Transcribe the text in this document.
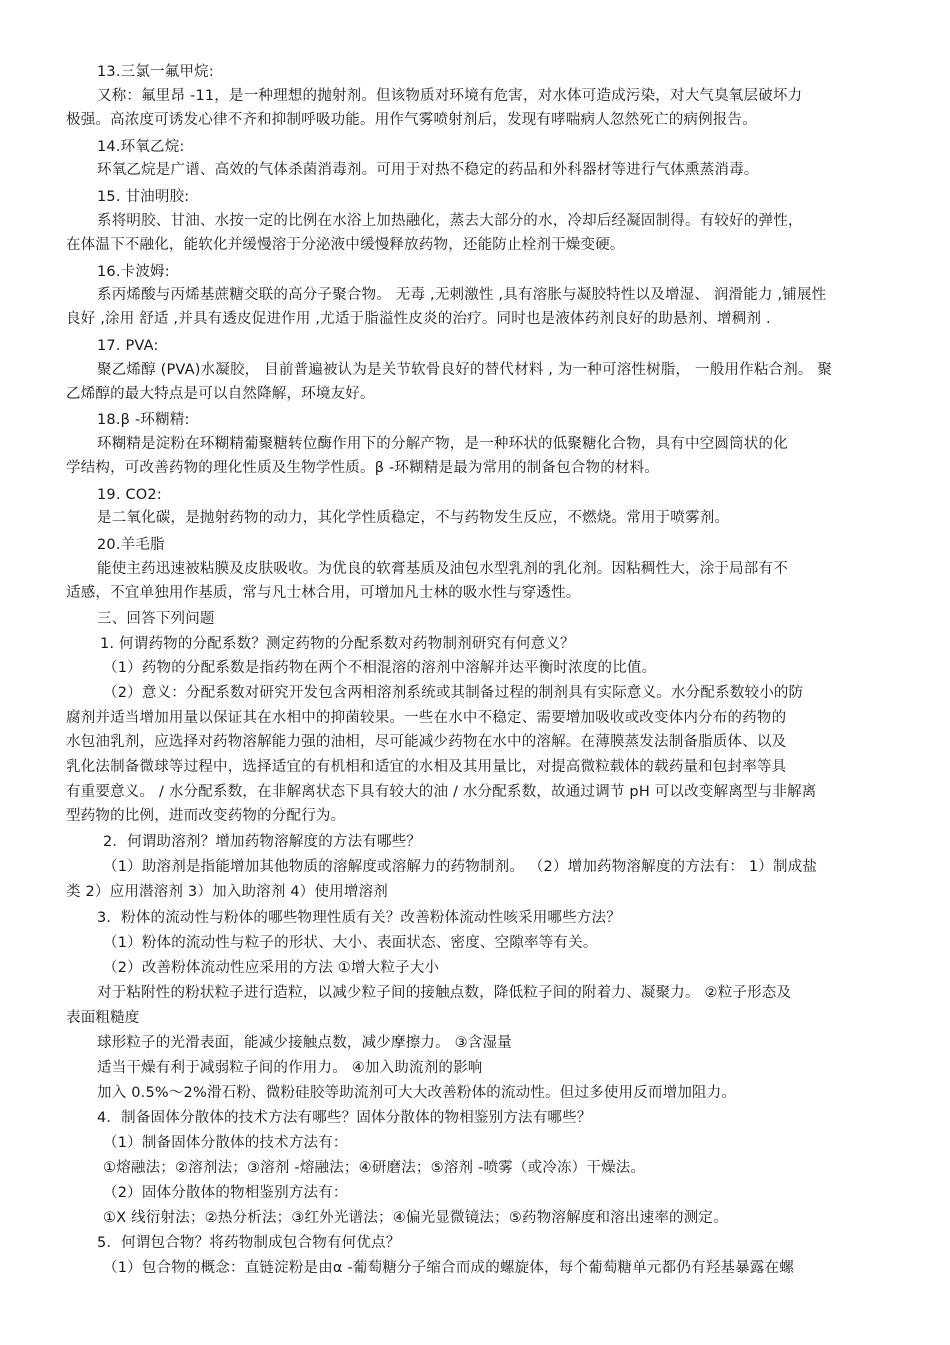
13.三氯一氟甲烷:
又称：氟里昂 -11，是一种理想的抛射剂。但该物质对环境有危害，对水体可造成污染，对大气臭氧层破坏力
极强。高浓度可诱发心律不齐和抑制呼吸功能。用作气雾喷射剂后，发现有哮喘病人忽然死亡的病例报告。
14.环氧乙烷:
环氧乙烷是广谱、高效的气体杀菌消毒剂。可用于对热不稳定的药品和外科器材等进行气体熏蒸消毒。
15. 甘油明胶:
系将明胶、甘油、水按一定的比例在水浴上加热融化，蒸去大部分的水，冷却后经凝固制得。有较好的弹性，
在体温下不融化，能软化并缓慢溶于分泌液中缓慢释放药物，还能防止栓剂干燥变硬。
16.卡波姆:
系丙烯酸与丙烯基蔗糖交联的高分子聚合物。 无毒 ,无刺激性 ,具有溶胀与凝胶特性以及增湿、 润滑能力 ,铺展性
良好 ,涂用 舒适 ,并具有透皮促进作用 ,尤适于脂溢性皮炎的治疗。同时也是液体药剂良好的助悬剂、增稠剂 .
17. PVA:
聚乙烯醇 (PVA)水凝胶， 目前普遍被认为是关节软骨良好的替代材料 , 为一种可溶性树脂， 一般用作粘合剂。 聚
乙烯醇的最大特点是可以自然降解，环境友好。
18.β -环糊精:
环糊精是淀粉在环糊精葡聚糖转位酶作用下的分解产物，是一种环状的低聚糖化合物，具有中空圆筒状的化
学结构，可改善药物的理化性质及生物学性质。β -环糊精是最为常用的制备包合物的材料。
19. CO2:
是二氧化碳，是抛射药物的动力，其化学性质稳定，不与药物发生反应，不燃烧。常用于喷雾剂。
20.羊毛脂
能使主药迅速被粘膜及皮肤吸收。为优良的软膏基质及油包水型乳剂的乳化剂。因粘稠性大，涂于局部有不
适感，不宜单独用作基质，常与凡士林合用，可增加凡士林的吸水性与穿透性。
三、回答下列问题
1. 何谓药物的分配系数？测定药物的分配系数对药物制剂研究有何意义？
（1）药物的分配系数是指药物在两个不相混溶的溶剂中溶解并达平衡时浓度的比值。
（2）意义：分配系数对研究开发包含两相溶剂系统或其制备过程的制剂具有实际意义。水分配系数较小的防
腐剂并适当增加用量以保证其在水相中的抑菌较果。一些在水中不稳定、需要增加吸收或改变体内分布的药物的
水包油乳剂，应选择对药物溶解能力强的油相，尽可能减少药物在水中的溶解。在薄膜蒸发法制备脂质体、以及
乳化法制备微球等过程中，选择适宜的有机相和适宜的水相及其用量比，对提高微粒载体的载药量和包封率等具
有重要意义。 / 水分配系数，在非解离状态下具有较大的油 / 水分配系数，故通过调节 pH 可以改变解离型与非解离
型药物的比例，进而改变药物的分配行为。
2．何谓助溶剂？增加药物溶解度的方法有哪些？
（1）助溶剂是指能增加其他物质的溶解度或溶解力的药物制剂。 （2）增加药物溶解度的方法有： 1）制成盐
类 2）应用潜溶剂 3）加入助溶剂 4）使用增溶剂
3．粉体的流动性与粉体的哪些物理性质有关？改善粉体流动性咳采用哪些方法？
（1）粉体的流动性与粒子的形状、大小、表面状态、密度、空隙率等有关。
（2）改善粉体流动性应采用的方法 ①增大粒子大小
对于粘附性的粉状粒子进行造粒，以减少粒子间的接触点数，降低粒子间的附着力、凝聚力。 ②粒子形态及
表面粗糙度
球形粒子的光滑表面，能减少接触点数，减少摩擦力。 ③含湿量
适当干燥有利于减弱粒子间的作用力。 ④加入助流剂的影响
加入 0.5%～2%滑石粉、微粉硅胶等助流剂可大大改善粉体的流动性。但过多使用反而增加阻力。
4．制备固体分散体的技术方法有哪些？固体分散体的物相鉴别方法有哪些？
（1）制备固体分散体的技术方法有：
①熔融法；②溶剂法；③溶剂 -熔融法；④研磨法；⑤溶剂 -喷雾（或冷冻）干燥法。
（2）固体分散体的物相鉴别方法有：
①X 线衍射法；②热分析法；③红外光谱法；④偏光显微镜法；⑤药物溶解度和溶出速率的测定。
5．何谓包合物？将药物制成包合物有何优点？
（1）包合物的概念：直链淀粉是由α -葡萄糖分子缩合而成的螺旋体，每个葡萄糖单元都仍有羟基暴露在螺
